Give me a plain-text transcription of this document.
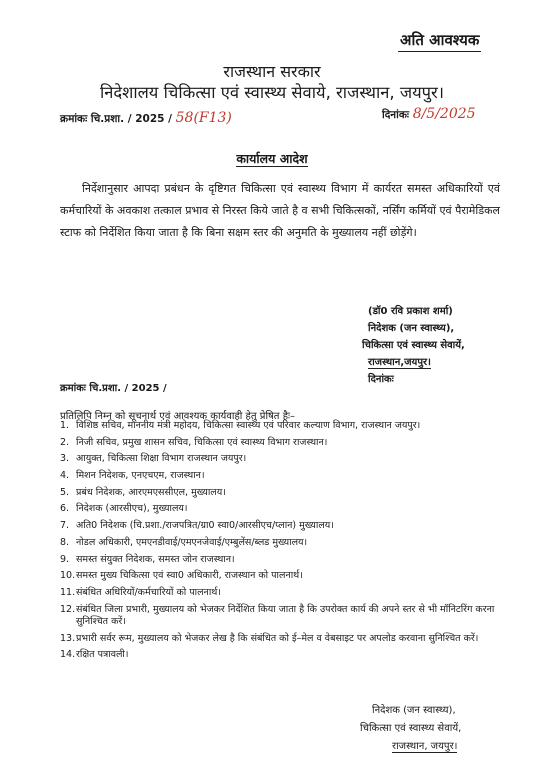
अति आवश्यक
राजस्थान सरकार
निदेशालय चिकित्सा एवं स्वास्थ्य सेवाये, राजस्थान, जयपुर।
क्रमांकः चि.प्रशा. / 2025 / 58(F13)	दिनांकः 8/5/2025
कार्यालय आदेश
निर्देशानुसार आपदा प्रबंधन के दृष्टिगत चिकित्सा एवं स्वास्थ्य विभाग में कार्यरत समस्त अधिकारियों एवं कर्मचारियों के अवकाश तत्काल प्रभाव से निरस्त किये जाते है व सभी चिकित्सकों, नर्सिंग कर्मियों एवं पैरामेडिकल स्टाफ को निर्देशित किया जाता है कि बिना सक्षम स्तर की अनुमति के मुख्यालय नहीं छोड़ेंगे।
(डॉ0 रवि प्रकाश शर्मा)
निदेशक (जन स्वास्थ्य),
चिकित्सा एवं स्वास्थ्य सेवायें,
राजस्थान,जयपुर।
दिनांकः
क्रमांकः चि.प्रशा. / 2025 /
प्रतिलिपि निम्न को सूचनार्थ एवं आवश्यक कार्यवाही हेतु प्रेषित हैः–
1. विशिष्ठ सचिव, माननीय मंत्री महोदय, चिकित्सा स्वास्थ्य एवं परिवार कल्याण विभाग, राजस्थान जयपुर।
2. निजी सचिव, प्रमुख शासन सचिव, चिकित्सा एवं स्वास्थ्य विभाग राजस्थान।
3. आयुक्त, चिकित्सा शिक्षा विभाग राजस्थान जयपुर।
4. मिशन निदेशक, एनएचएम, राजस्थान।
5. प्रबंध निदेशक, आरएमएससीएल, मुख्यालय।
6. निदेशक (आरसीएच), मुख्यालय।
7. अति0 निदेशक (चि.प्रशा./राजपत्रित/ग्रा0 स्वा0/आरसीएच/प्लान) मुख्यालय।
8. नोडल अधिकारी, एमएनडीवाई/एमएनजेवाई/एम्बुलेंस/ब्लड मुख्यालय।
9. समस्त संयुक्त निदेशक, समस्त जोन राजस्थान।
10. समस्त मुख्य चिकित्सा एवं स्वा0 अधिकारी, राजस्थान को पालनार्थ।
11. संबंधित अधिरियों/कर्मचारियों को पालनार्थ।
12. संबंधित जिला प्रभारी, मुख्यालय को भेजकर निर्देशित किया जाता है कि उपरोक्त कार्य की अपने स्तर से भी मॉनिटरिंग करना सुनिश्चित करें।
13. प्रभारी सर्वर रूम, मुख्यालय को भेजकर लेख है कि संबंधित को ई–मेल व वेबसाइट पर अपलोड करवाना सुनिश्चित करें।
14. रक्षित पत्रावली।
निदेशक (जन स्वास्थ्य),
चिकित्सा एवं स्वास्थ्य सेवायें,
राजस्थान, जयपुर।
